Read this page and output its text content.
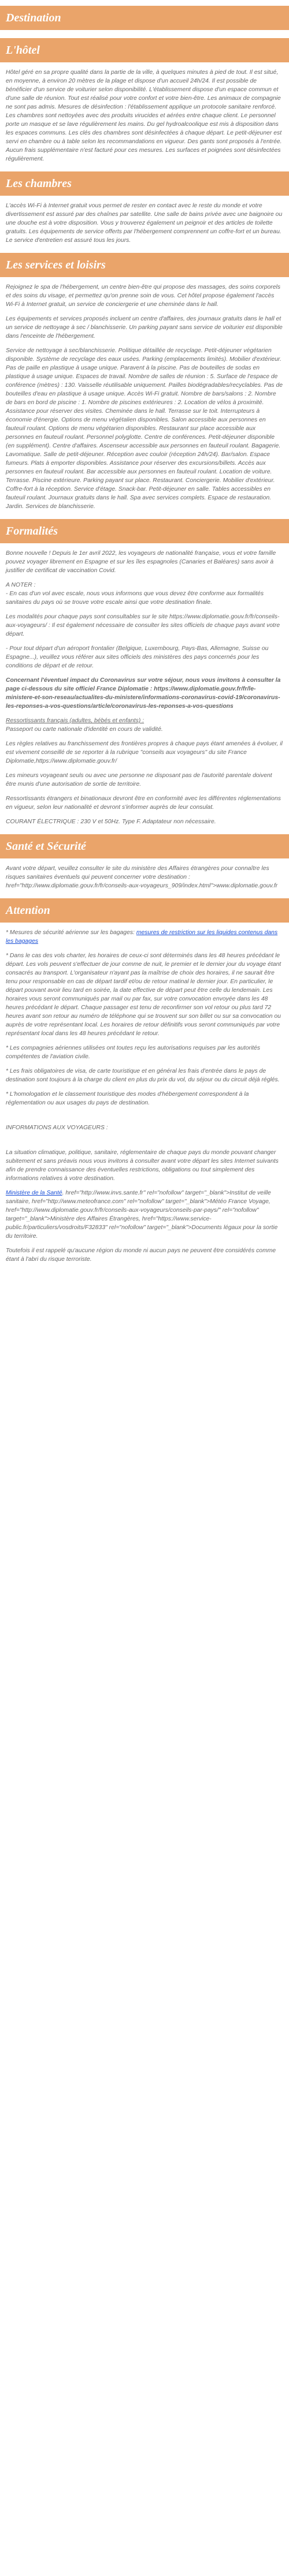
Destination
L'hôtel

Hôtel géré en sa propre qualité dans la partie de la ville, à quelques minutes à pied de tout. Il est situé, en moyenne, à environ 20 mètres de la plage et dispose d'un accueil 24h/24. Il est possible de bénéficier d'un service de voiturier selon disponibilité. L'établissement dispose d'un espace commun et d'une salle de réunion. Tout est réalisé pour votre confort et votre bien-être. Les animaux de compagnie ne sont pas admis. Mesures de désinfection : l'établissement applique un protocole sanitaire renforcé. Les chambres sont nettoyées avec des produits virucides et aérées entre chaque client. Le personnel porte un masque et se lave régulièrement les mains. Du gel hydroalcoolique est mis à disposition dans les espaces communs. Les clés des chambres sont désinfectées à chaque départ. Le petit-déjeuner est servi en chambre ou à table selon les recommandations en vigueur. Des gants sont proposés à l'entrée. Aucun frais supplémentaire n'est facturé pour ces mesures. Les surfaces et poignées sont désinfectées régulièrement.

Les chambres

L'accès Wi-Fi à Internet gratuit vous permet de rester en contact avec le reste du monde et votre divertissement est assuré par des chaînes par satellite. Une salle de bains privée avec une baignoire ou une douche est à votre disposition. Vous y trouverez également un peignoir et des articles de toilette gratuits. Les équipements de service offerts par l'hébergement comprennent un coffre-fort et un bureau. Le service d'entretien est assuré tous les jours.

Les services et loisirs

Rejoignez le spa de l'hébergement, un centre bien-être qui propose des massages, des soins corporels et des soins du visage, et permettez qu'on prenne soin de vous. Cet hôtel propose également l'accès Wi-Fi à Internet gratuit, un service de conciergerie et une cheminée dans le hall.

Les équipements et services proposés incluent un centre d'affaires, des journaux gratuits dans le hall et un service de nettoyage à sec / blanchisserie. Un parking payant sans service de voiturier est disponible dans l'enceinte de l'hébergement.

Service de nettoyage à sec/blanchisserie. Politique détaillée de recyclage. Petit-déjeuner végétarien disponible. Système de recyclage des eaux usées. Parking (emplacements limités). Mobilier d'extérieur. Pas de paille en plastique à usage unique. Paravent à la piscine. Pas de bouteilles de sodas en plastique à usage unique. Espaces de travail. Nombre de salles de réunion : 5. Surface de l'espace de conférence (mètres) : 130. Vaisselle réutilisable uniquement. Pailles biodégradables/recyclables. Pas de bouteilles d'eau en plastique à usage unique. Accès Wi-Fi gratuit. Nombre de bars/salons : 2. Nombre de bars en bord de piscine : 1. Nombre de piscines extérieures : 2. Location de vélos à proximité. Assistance pour réserver des visites. Cheminée dans le hall. Terrasse sur le toit. Interrupteurs à économie d'énergie. Options de menu végétalien disponibles. Salon accessible aux personnes en fauteuil roulant. Options de menu végétarien disponibles. Restaurant sur place accessible aux personnes en fauteuil roulant. Personnel polyglotte. Centre de conférences. Petit-déjeuner disponible (en supplément). Centre d'affaires. Ascenseur accessible aux personnes en fauteuil roulant. Bagagerie. Lavomatique. Salle de petit-déjeuner. Réception avec couloir (réception 24h/24). Bar/salon. Espace fumeurs. Plats à emporter disponibles. Assistance pour réserver des excursions/billets. Accès aux personnes en fauteuil roulant. Bar accessible aux personnes en fauteuil roulant. Location de voiture. Terrasse. Piscine extérieure. Parking payant sur place. Restaurant. Conciergerie. Mobilier d'extérieur. Coffre-fort à la réception. Service d'étage. Snack-bar. Petit-déjeuner en salle. Tables accessibles en fauteuil roulant. Journaux gratuits dans le hall. Spa avec services complets. Espace de restauration. Jardin. Services de blanchisserie.

Formalités

Bonne nouvelle ! Depuis le 1er avril 2022, les voyageurs de nationalité française, vous et votre famille pouvez voyager librement en Espagne et sur les îles espagnoles (Canaries et Baléares) sans avoir à justifier de certificat de vaccination Covid.

A NOTER :

- En cas d'un vol avec escale, nous vous informons que vous devez être conforme aux formalités sanitaires du pays où se trouve votre escale ainsi que votre destination finale.

Les modalités pour chaque pays sont consultables sur le site https://www.diplomatie.gouv.fr/fr/conseils-aux-voyageurs/ : Il est également nécessaire de consulter les sites officiels de chaque pays avant votre départ.

- Pour tout départ d'un aéroport frontalier (Belgique, Luxembourg, Pays-Bas, Allemagne, Suisse ou Espagne...), veuillez vous référer aux sites officiels des ministères des pays concernés pour les conditions de départ et de retour.

Concernant l'éventuel impact du Coronavirus sur votre séjour, nous vous invitons à consulter la page ci-dessous du site officiel France Diplomatie : https://www.diplomatie.gouv.fr/fr/le-ministere-et-son-reseau/actualites-du-ministere/informations-coronavirus-covid-19/coronavirus-les-reponses-a-vos-questions/article/coronavirus-les-reponses-a-vos-questions

Ressortissants français (adultes, bébés et enfants) :

Passeport ou carte nationale d'identité en cours de validité.

Les règles relatives au franchissement des frontières propres à chaque pays étant amenées à évoluer, il est vivement conseillé de se reporter à la rubrique "conseils aux voyageurs" du site France Diplomatie,https://www.diplomatie.gouv.fr/

Les mineurs voyageant seuls ou avec une personne ne disposant pas de l'autorité parentale doivent être munis d'une autorisation de sortie de territoire.

Ressortissants étrangers et binationaux devront être en conformité avec les différentes réglementations en vigueur, selon leur nationalité et devront s'informer auprès de leur consulat.

COURANT ÉLECTRIQUE : 230 V et 50Hz. Type F. Adaptateur non nécessaire.

Santé et Sécurité

Avant votre départ, veuillez consulter le site du ministère des Affaires étrangères pour connaître les risques sanitaires éventuels qui peuvent concerner votre destination : href="http://www.diplomatie.gouv.fr/fr/conseils-aux-voyageurs_909/index.html">www.diplomatie.gouv.fr

Attention

* Mesures de sécurité aérienne sur les bagages: mesures de restriction sur les liquides contenus dans les bagages

* Dans le cas des vols charter, les horaires de ceux-ci sont déterminés dans les 48 heures précédant le départ. Les vols peuvent s'effectuer de jour comme de nuit, le premier et le dernier jour du voyage étant consacrés au transport. L'organisateur n'ayant pas la maîtrise de choix des horaires, il ne saurait être tenu pour responsable en cas de départ tardif et/ou de retour matinal le dernier jour. En particulier, le départ pouvant avoir lieu tard en soirée, la date effective de départ peut être celle du lendemain. Les horaires vous seront communiqués par mail ou par fax, sur votre convocation envoyée dans les 48 heures précédant le départ. Chaque passager est tenu de reconfirmer son vol retour ou plus tard 72 heures avant son retour au numéro de téléphone qui se trouvent sur son billet ou sur sa convocation ou auprès de votre représentant local. Les horaires de retour définitifs vous seront communiqués par votre représentant local dans les 48 heures précédant le retour.

* Les compagnies aériennes utilisées ont toutes reçu les autorisations requises par les autorités compétentes de l'aviation civile.

* Les frais obligatoires de visa, de carte touristique et en général les frais d'entrée dans le pays de destination sont toujours à la charge du client en plus du prix du vol, du séjour ou du circuit déjà réglés.

* L'homologation et le classement touristique des modes d'hébergement correspondent à la réglementation ou aux usages du pays de destination.

INFORMATIONS AUX VOYAGEURS :

La situation climatique, politique, sanitaire, réglementaire de chaque pays du monde pouvant changer subitement et sans préavis nous vous invitons à consulter avant votre départ les sites Internet suivants afin de prendre connaissance des éventuelles restrictions, obligations ou tout simplement des informations relatives à votre destination.

Ministère de la Santé. href="http://www.invs.sante.fr" rel="nofollow" target="_blank">Institut de veille sanitaire, href="http://www.meteofrance.com" rel="nofollow" target="_blank">Météo France Voyage, href="http://www.diplomatie.gouv.fr/fr/conseils-aux-voyageurs/conseils-par-pays/" rel="nofollow" target="_blank">Ministère des Affaires Étrangères, href="https://www.service-public.fr/particuliers/vosdroits/F32833" rel="nofollow" target="_blank">Documents légaux pour la sortie du territoire.

Toutefois il est rappelé qu'aucune région du monde ni aucun pays ne peuvent être considérés comme étant à l'abri du risque terroriste.
